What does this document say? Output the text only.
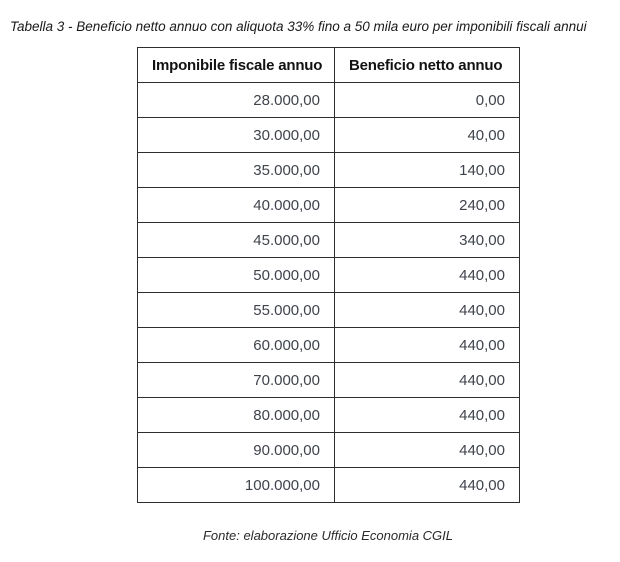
Tabella 3 - Beneficio netto annuo con aliquota 33% fino a 50 mila euro per imponibili fiscali annui
Imponibile fiscale annuo	Beneficio netto annuo
28.000,00	0,00
30.000,00	40,00
35.000,00	140,00
40.000,00	240,00
45.000,00	340,00
50.000,00	440,00
55.000,00	440,00
60.000,00	440,00
70.000,00	440,00
80.000,00	440,00
90.000,00	440,00
100.000,00	440,00
Fonte: elaborazione Ufficio Economia CGIL
